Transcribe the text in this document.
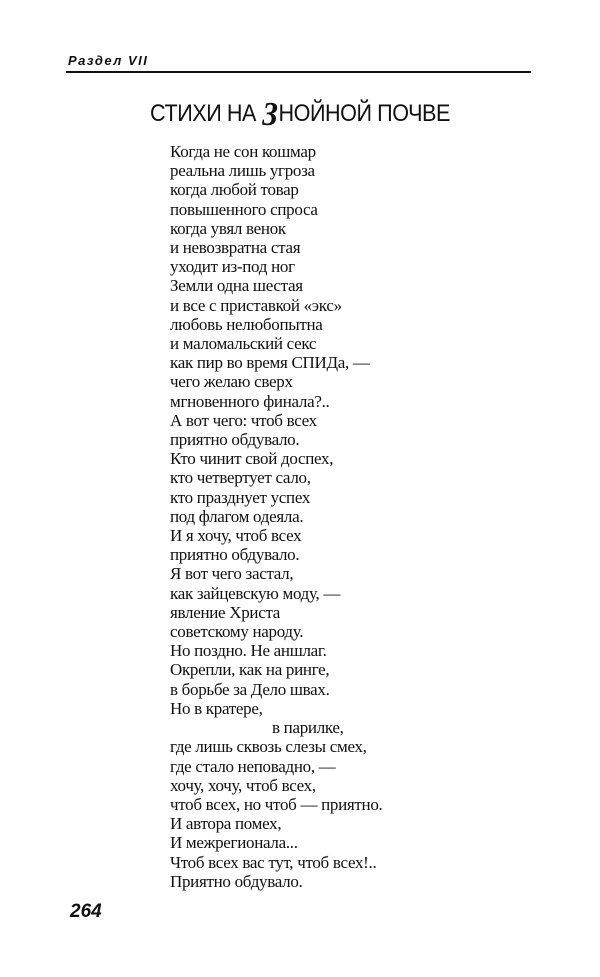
Раздел VII
СТИХИ НА ЗНОЙНОЙ ПОЧВЕ
Когда не сон кошмар
реальна лишь угроза
когда любой товар
повышенного спроса
когда увял венок
и невозвратна стая
уходит из-под ног
Земли одна шестая
и все с приставкой «экс»
любовь нелюбопытна
и маломальский секс
как пир во время СПИДа, —
чего желаю сверх
мгновенного финала?..
А вот чего: чтоб всех
приятно обдувало.
Кто чинит свой доспех,
кто четвертует сало,
кто празднует успех
под флагом одеяла.
И я хочу, чтоб всех
приятно обдувало.
Я вот чего застал,
как зайцевскую моду, —
явление Христа
советскому народу.
Но поздно. Не аншлаг.
Окрепли, как на ринге,
в борьбе за Дело швах.
Но в кратере,
в парилке,
где лишь сквозь слезы смех,
где стало неповадно, —
хочу, хочу, чтоб всех,
чтоб всех, но чтоб — приятно.
И автора помех,
И межрегионала...
Чтоб всех вас тут, чтоб всех!..
Приятно обдувало.
264
